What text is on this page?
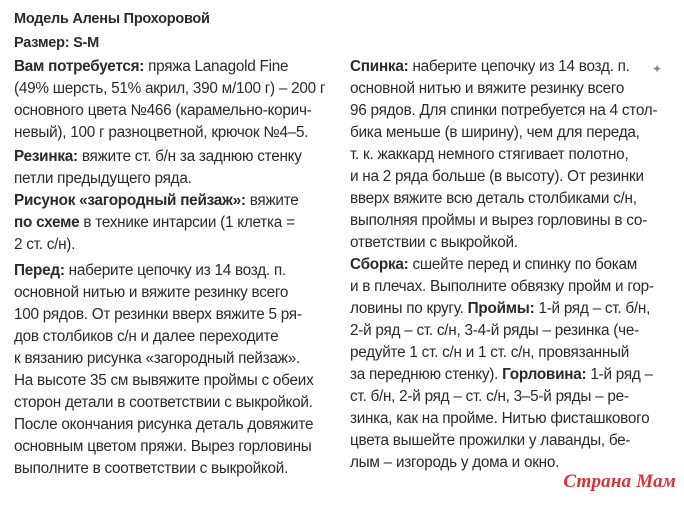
Модель Алены Прохоровой
Размер: S-M
Вам потребуется: пряжа Lanagold Fine
(49% шерсть, 51% акрил, 390 м/100 г) – 200 г
основного цвета №466 (карамельно-корич-
невый), 100 г разноцветной, крючок №4–5.
Резинка: вяжите ст. б/н за заднюю стенку
петли предыдущего ряда.
Рисунок «загородный пейзаж»: вяжите
по схеме в технике интарсии (1 клетка =
2 ст. с/н).
Перед: наберите цепочку из 14 возд. п.
основной нитью и вяжите резинку всего
100 рядов. От резинки вверх вяжите 5 ря-
дов столбиков с/н и далее переходите
к вязанию рисунка «загородный пейзаж».
На высоте 35 см вывяжите проймы с обеих
сторон детали в соответствии с выкройкой.
После окончания рисунка деталь довяжите
основным цветом пряжи. Вырез горловины
выполните в соответствии с выкройкой.
Спинка: наберите цепочку из 14 возд. п.
основной нитью и вяжите резинку всего
96 рядов. Для спинки потребуется на 4 стол-
бика меньше (в ширину), чем для переда,
т. к. жаккард немного стягивает полотно,
и на 2 ряда больше (в высоту). От резинки
вверх вяжите всю деталь столбиками с/н,
выполняя проймы и вырез горловины в со-
ответствии с выкройкой.
Сборка: сшейте перед и спинку по бокам
и в плечах. Выполните обвязку пройм и гор-
ловины по кругу. Проймы: 1-й ряд – ст. б/н,
2-й ряд – ст. с/н, 3-4-й ряды – резинка (че-
редуйте 1 ст. с/н и 1 ст. с/н, провязанный
за переднюю стенку). Горловина: 1-й ряд –
ст. б/н, 2-й ряд – ст. с/н, 3–5-й ряды – ре-
зинка, как на пройме. Нитью фисташкового
цвета вышейте прожилки у лаванды, бе-
лым – изгородь у дома и окно.
✦
Страна Мам
